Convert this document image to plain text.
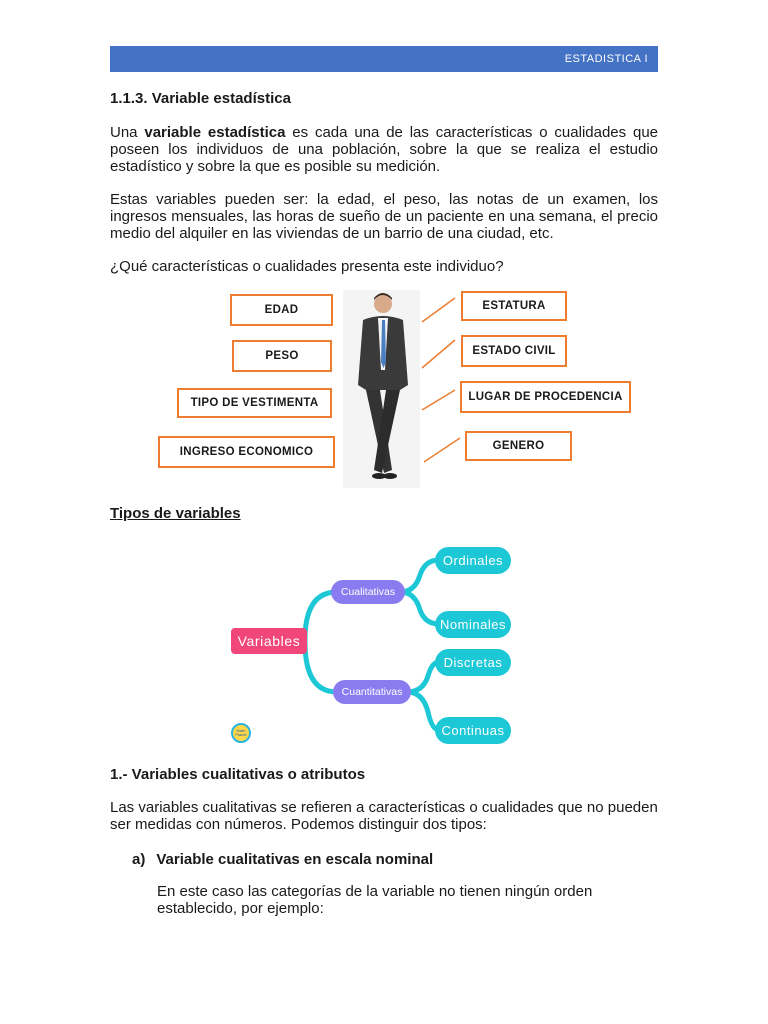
ESTADISTICA I

1.1.3. Variable estadística

Una variable estadística es cada una de las características o cualidades que poseen los individuos de una población, sobre la que se realiza el estudio estadístico y sobre la que es posible su medición.

Estas variables pueden ser: la edad, el peso, las notas de un examen, los ingresos mensuales, las horas de sueño de un paciente en una semana, el precio medio del alquiler en las viviendas de un barrio de una ciudad, etc.

¿Qué características o cualidades presenta este individuo?

EDAD
PESO
TIPO DE VESTIMENTA
INGRESO ECONOMICO
ESTATURA
ESTADO CIVIL
LUGAR DE PROCEDENCIA
GENERO

Tipos de variables

Variables
Cualitativas
Cuantitativas
Ordinales
Nominales
Discretas
Continuas
Math Planet

1.- Variables cualitativas o atributos

Las variables cualitativas se refieren a características o cualidades que no pueden ser medidas con números. Podemos distinguir dos tipos:

a) Variable cualitativas en escala nominal

En este caso las categorías de la variable no tienen ningún orden establecido, por ejemplo:
